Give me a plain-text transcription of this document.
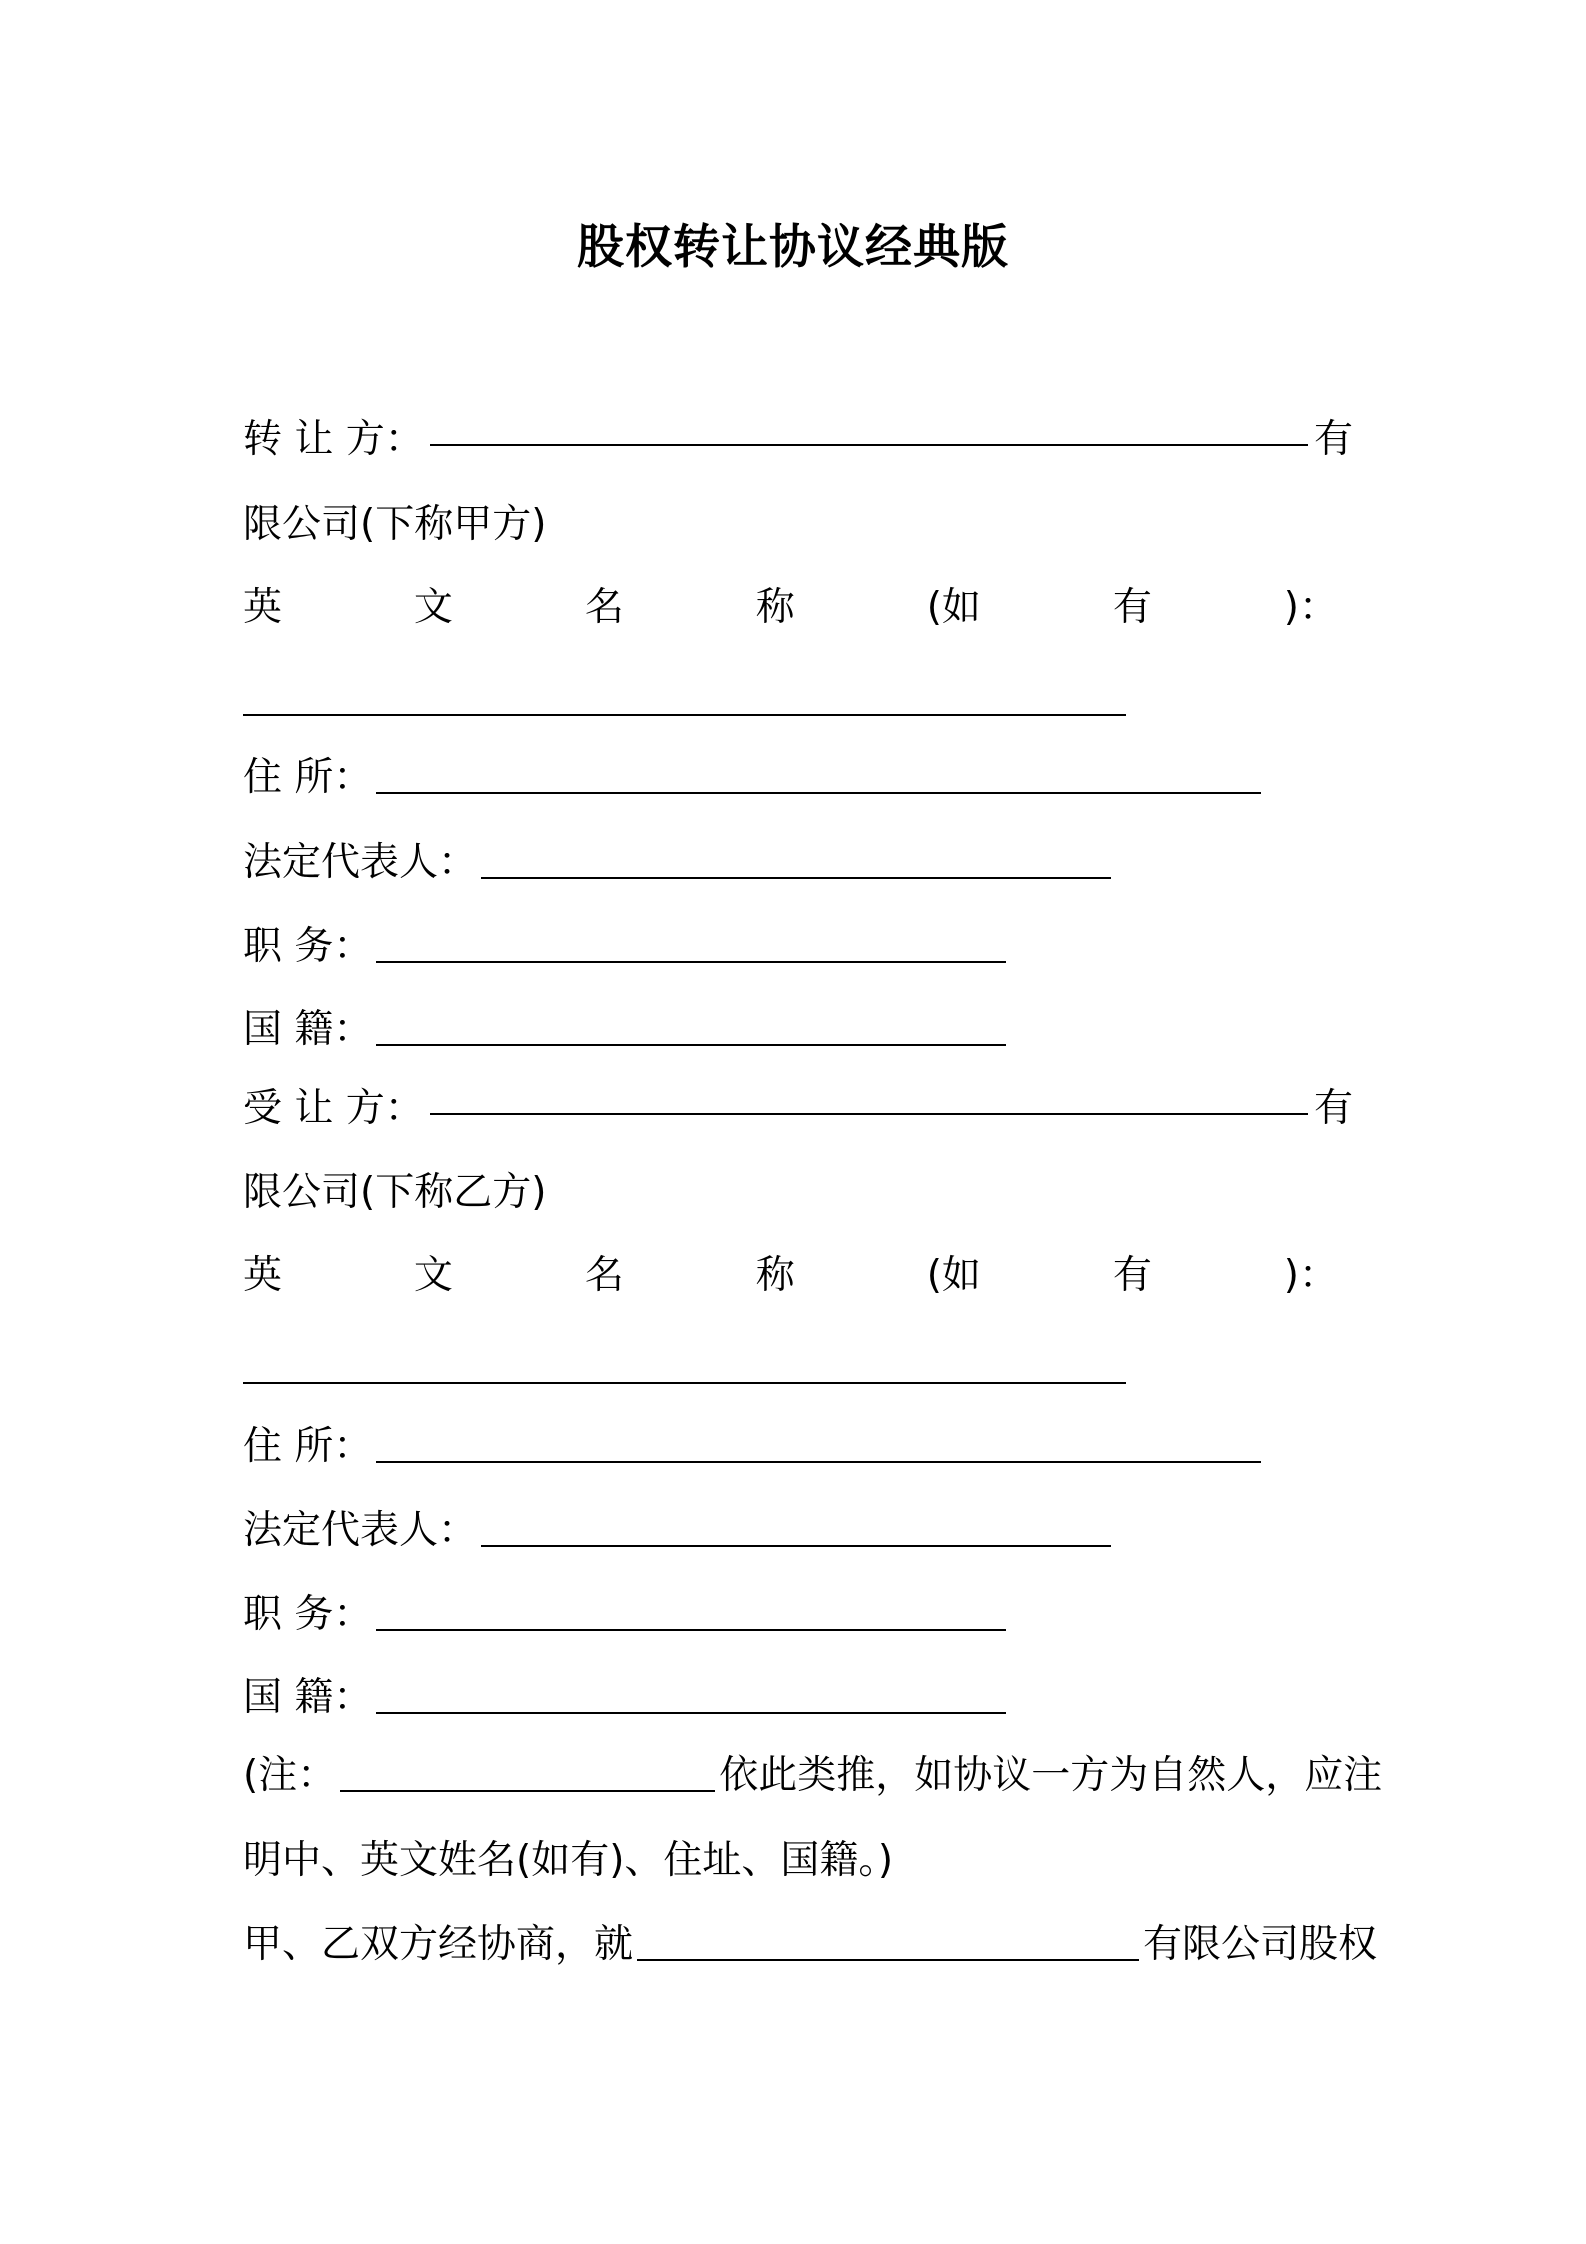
股权转让协议经典版
转 让 方：	有
限公司(下称甲方)
英	文	名	称	(如	有	)：
住 所：
法定代表人：
职 务：
国 籍：
受 让 方：	有
限公司(下称乙方)
英	文	名	称	(如	有	)：
住 所：
法定代表人：
职 务：
国 籍：
(注：	依此类推，如协议一方为自然人，应注
明中、英文姓名(如有)、住址、国籍。)
甲、乙双方经协商，就	有限公司股权
